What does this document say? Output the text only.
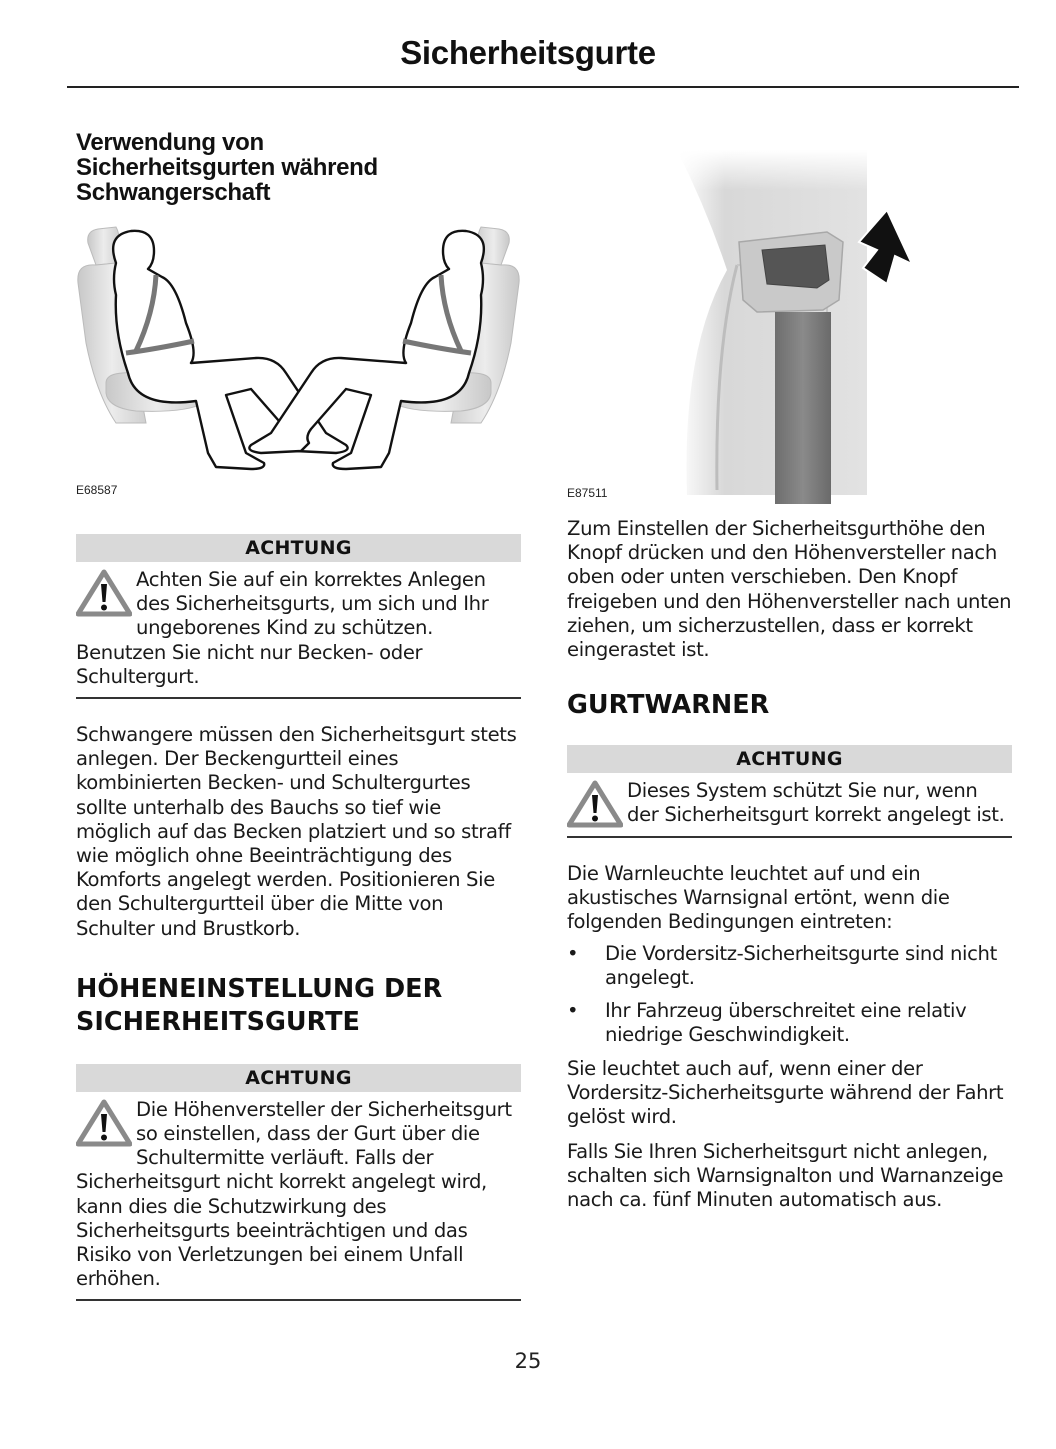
Sicherheitsgurte
Verwendung von Sicherheitsgurten während Schwangerschaft
E68587
ACHTUNG
Achten Sie auf ein korrektes Anlegen des Sicherheitsgurts, um sich und Ihr ungeborenes Kind zu schützen. Benutzen Sie nicht nur Becken- oder Schultergurt.

Schwangere müssen den Sicherheitsgurt stets anlegen. Der Beckengurtteil eines kombinierten Becken- und Schultergurtes sollte unterhalb des Bauchs so tief wie möglich auf das Becken platziert und so straff wie möglich ohne Beeinträchtigung des Komforts angelegt werden. Positionieren Sie den Schultergurtteil über die Mitte von Schulter und Brustkorb.

HÖHENEINSTELLUNG DER SICHERHEITSGURTE
ACHTUNG
Die Höhenversteller der Sicherheitsgurt so einstellen, dass der Gurt über die Schultermitte verläuft. Falls der Sicherheitsgurt nicht korrekt angelegt wird, kann dies die Schutzwirkung des Sicherheitsgurts beeinträchtigen und das Risiko von Verletzungen bei einem Unfall erhöhen.
E87511

Zum Einstellen der Sicherheitsgurthöhe den Knopf drücken und den Höhenversteller nach oben oder unten verschieben. Den Knopf freigeben und den Höhenversteller nach unten ziehen, um sicherzustellen, dass er korrekt eingerastet ist.

GURTWARNER
ACHTUNG
Dieses System schützt Sie nur, wenn der Sicherheitsgurt korrekt angelegt ist.

Die Warnleuchte leuchtet auf und ein akustisches Warnsignal ertönt, wenn die folgenden Bedingungen eintreten:

• Die Vordersitz-Sicherheitsgurte sind nicht angelegt.
• Ihr Fahrzeug überschreitet eine relativ niedrige Geschwindigkeit.

Sie leuchtet auch auf, wenn einer der Vordersitz-Sicherheitsgurte während der Fahrt gelöst wird.

Falls Sie Ihren Sicherheitsgurt nicht anlegen, schalten sich Warnsignalton und Warnanzeige nach ca. fünf Minuten automatisch aus.

25
